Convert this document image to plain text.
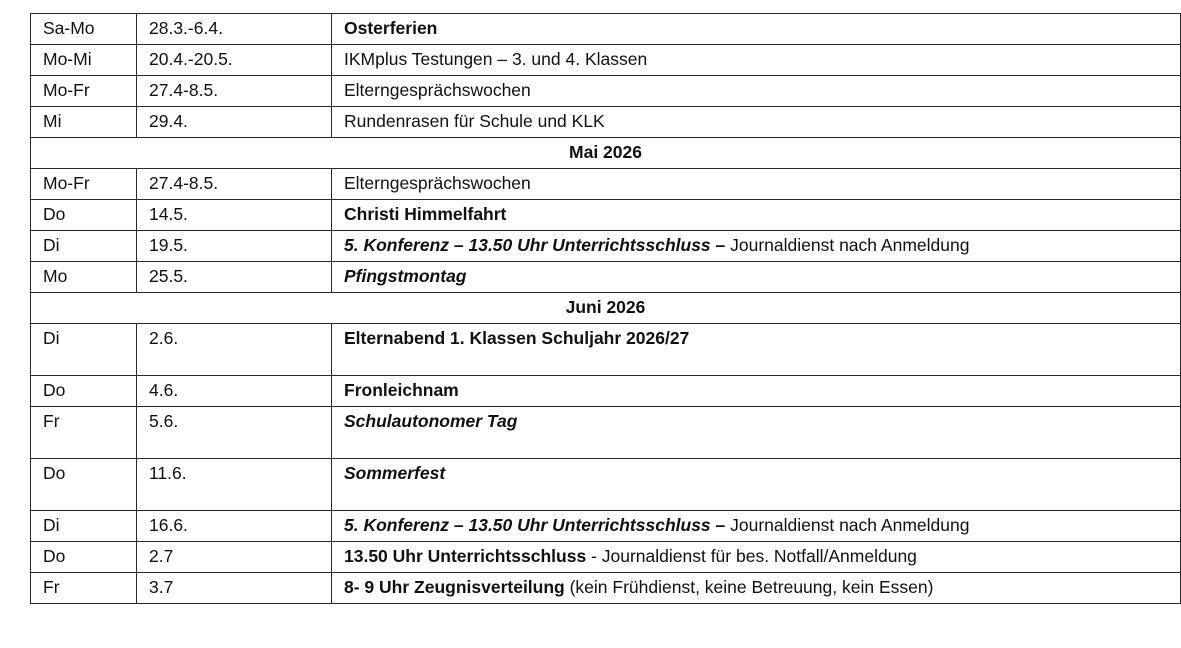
Sa-Mo	28.3.-6.4.	Osterferien
Mo-Mi	20.4.-20.5.	IKMplus Testungen – 3. und 4. Klassen
Mo-Fr	27.4-8.5.	Elterngesprächswochen
Mi	29.4.	Rundenrasen für Schule und KLK
Mai 2026		
Mo-Fr	27.4-8.5.	Elterngesprächswochen
Do	14.5.	Christi Himmelfahrt
Di	19.5.	5. Konferenz – 13.50 Uhr Unterrichtsschluss – Journaldienst nach Anmeldung
Mo	25.5.	Pfingstmontag
Juni 2026		
Di	2.6.	Elternabend 1. Klassen Schuljahr 2026/27
Do	4.6.	Fronleichnam
Fr	5.6.	Schulautonomer Tag
Do	11.6.	Sommerfest
Di	16.6.	5. Konferenz – 13.50 Uhr Unterrichtsschluss – Journaldienst nach Anmeldung
Do	2.7	13.50 Uhr Unterrichtsschluss - Journaldienst für bes. Notfall/Anmeldung
Fr	3.7	8- 9 Uhr Zeugnisverteilung (kein Frühdienst, keine Betreuung, kein Essen)
